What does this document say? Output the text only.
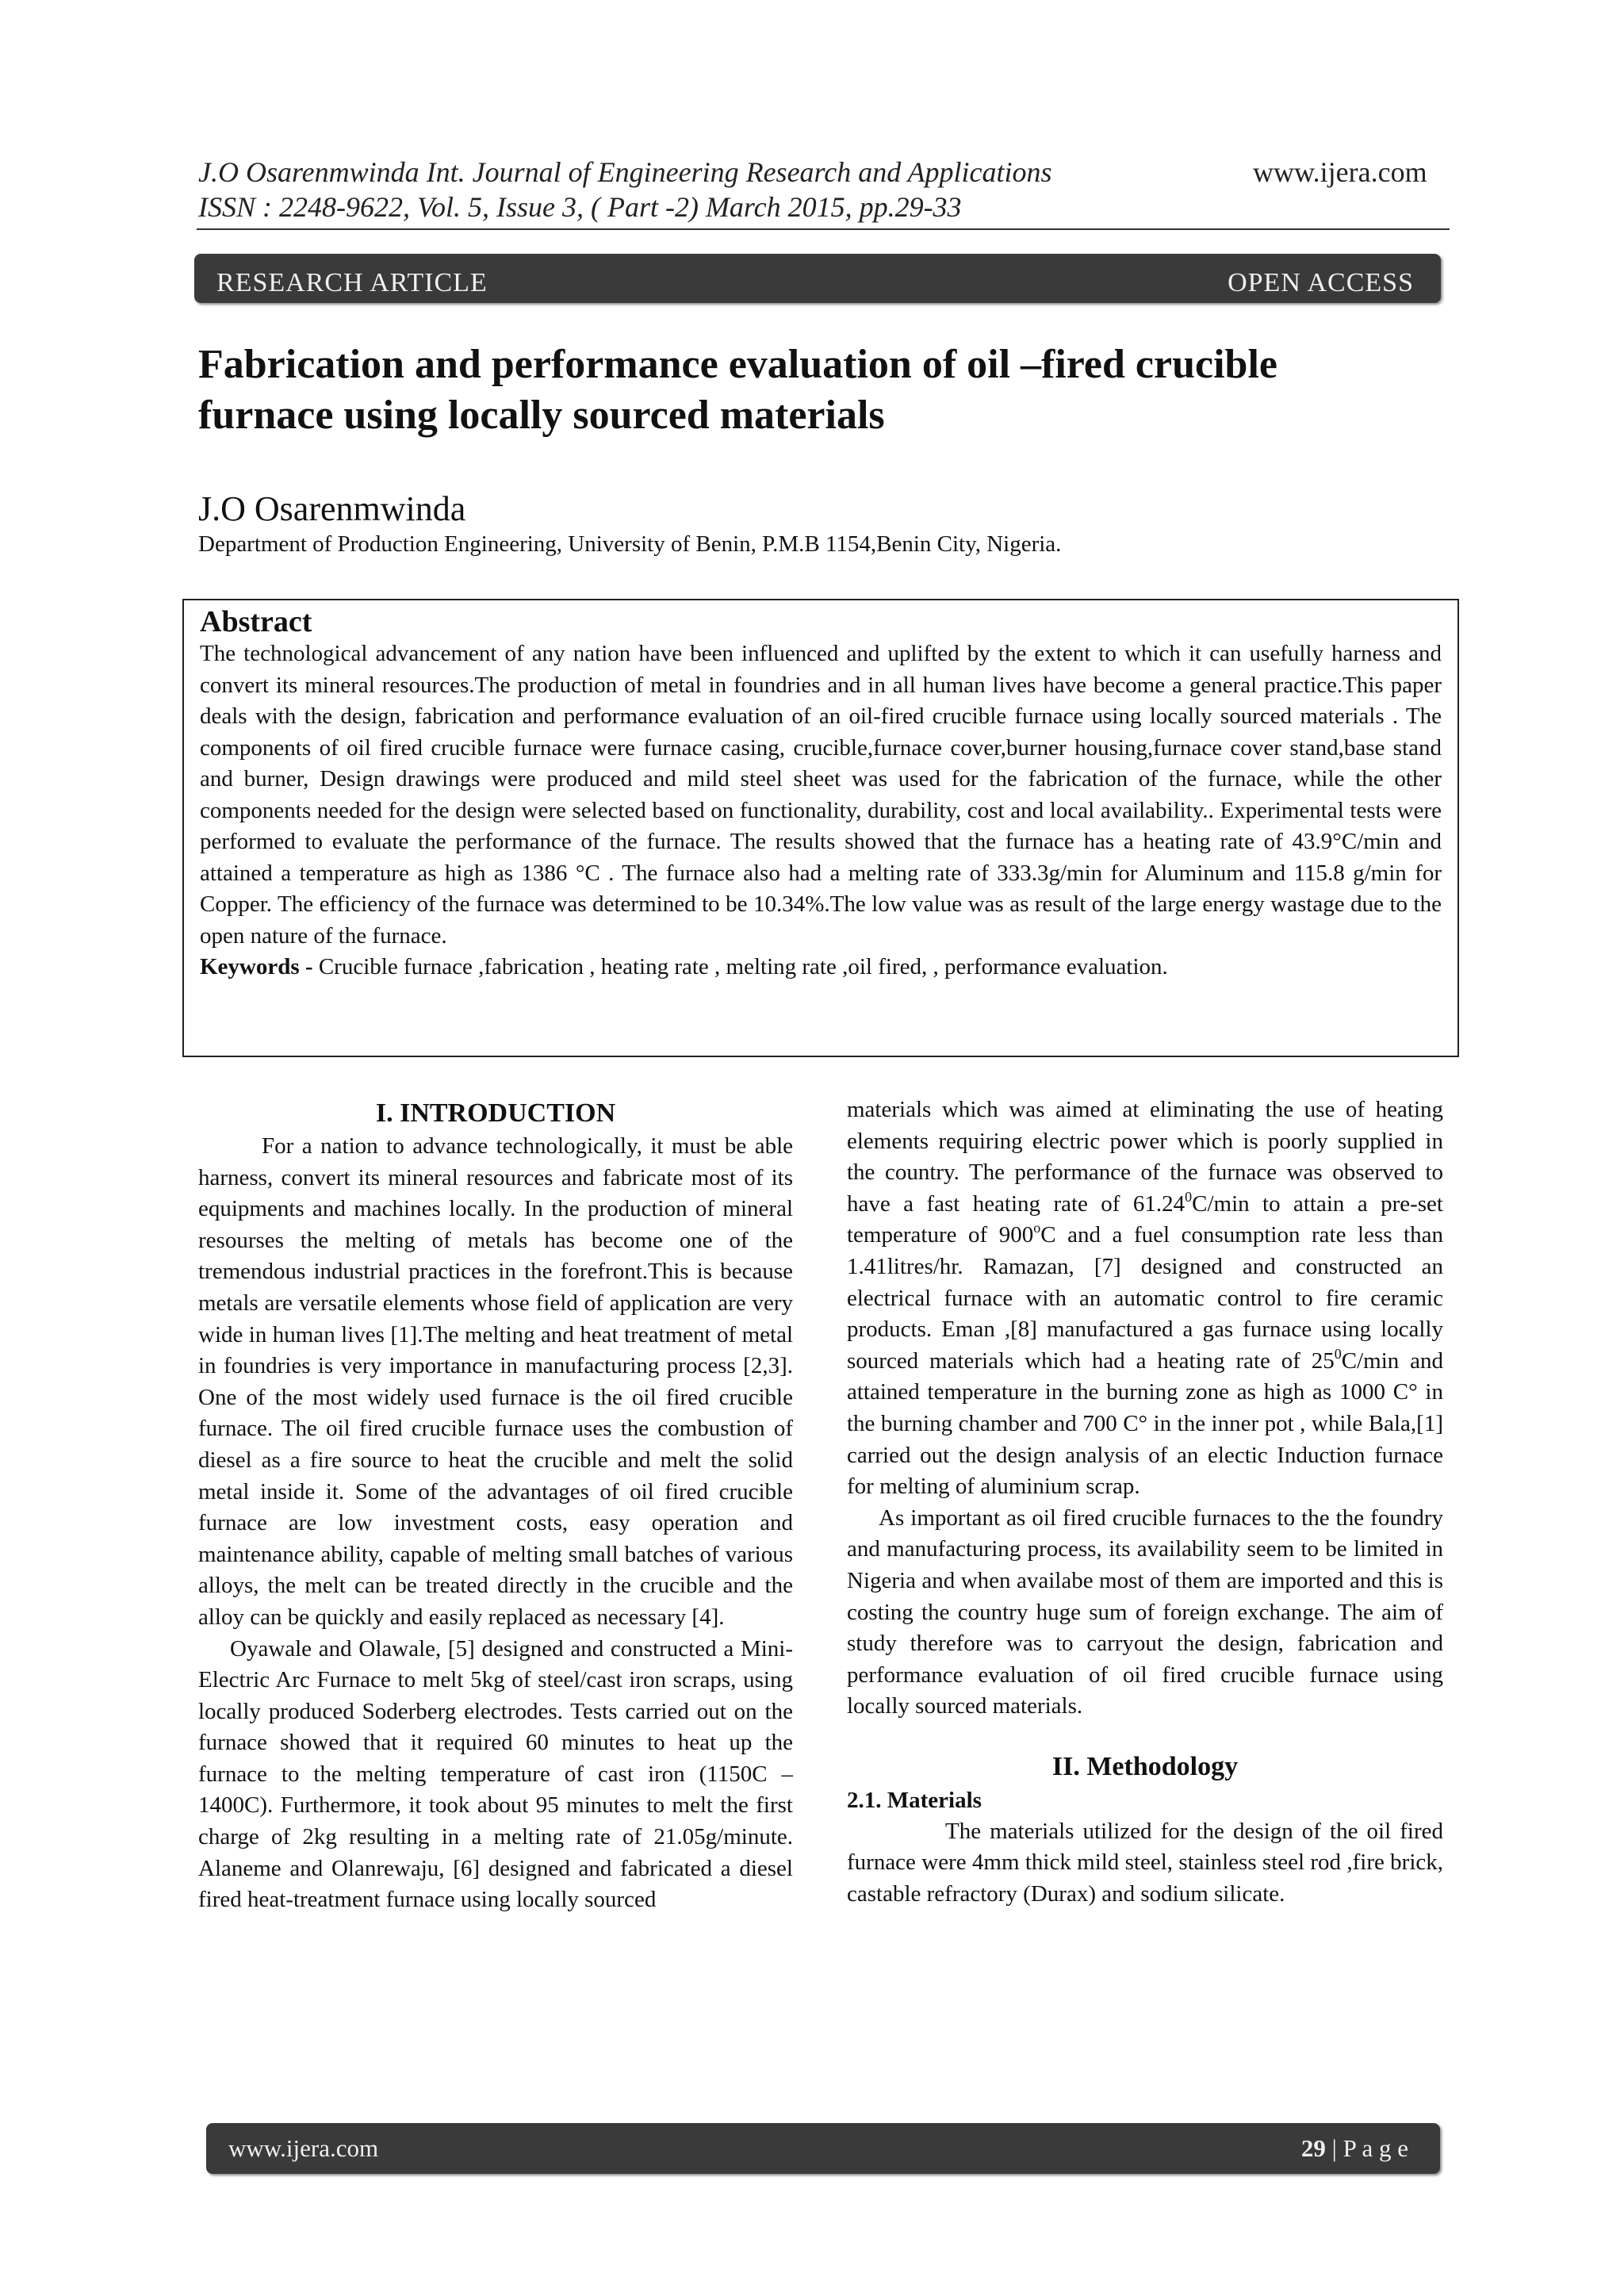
J.O Osarenmwinda Int. Journal of Engineering Research and Applications
ISSN : 2248-9622, Vol. 5, Issue 3, ( Part -2) March 2015, pp.29-33
www.ijera.com
RESEARCH ARTICLE	OPEN ACCESS
Fabrication and performance evaluation of oil –fired crucible
furnace using locally sourced materials
J.O Osarenmwinda
Department of Production Engineering, University of Benin, P.M.B 1154,Benin City, Nigeria.
Abstract

The technological advancement of any nation have been influenced and uplifted by the extent to which it can usefully harness and convert its mineral resources.The production of metal in foundries and in all human lives have become a general practice.This paper deals with the design, fabrication and performance evaluation of an oil-fired crucible furnace using locally sourced materials . The components of oil fired crucible furnace were furnace casing, crucible,furnace cover,burner housing,furnace cover stand,base stand and burner, Design drawings were produced and mild steel sheet was used for the fabrication of the furnace, while the other components needed for the design were selected based on functionality, durability, cost and local availability.. Experimental tests were performed to evaluate the performance of the furnace. The results showed that the furnace has a heating rate of 43.9°C/min and attained a temperature as high as 1386 °C . The furnace also had a melting rate of 333.3g/min for Aluminum and 115.8 g/min for Copper. The efficiency of the furnace was determined to be 10.34%.The low value was as result of the large energy wastage due to the open nature of the furnace.

Keywords - Crucible furnace ,fabrication , heating rate , melting rate ,oil fired, , performance evaluation.
I. INTRODUCTION

For a nation to advance technologically, it must be able harness, convert its mineral resources and fabricate most of its equipments and machines locally. In the production of mineral resourses the melting of metals has become one of the tremendous industrial practices in the forefront.This is because metals are versatile elements whose field of application are very wide in human lives [1].The melting and heat treatment of metal in foundries is very importance in manufacturing process [2,3]. One of the most widely used furnace is the oil fired crucible furnace. The oil fired crucible furnace uses the combustion of diesel as a fire source to heat the crucible and melt the solid metal inside it. Some of the advantages of oil fired crucible furnace are low investment costs, easy operation and maintenance ability, capable of melting small batches of various alloys, the melt can be treated directly in the crucible and the alloy can be quickly and easily replaced as necessary [4].

Oyawale and Olawale, [5] designed and constructed a Mini-Electric Arc Furnace to melt 5kg of steel/cast iron scraps, using locally produced Soderberg electrodes. Tests carried out on the furnace showed that it required 60 minutes to heat up the furnace to the melting temperature of cast iron (1150C – 1400C). Furthermore, it took about 95 minutes to melt the first charge of 2kg resulting in a melting rate of 21.05g/minute. Alaneme and Olanrewaju, [6] designed and fabricated a diesel fired heat-treatment furnace using locally sourced

materials which was aimed at eliminating the use of heating elements requiring electric power which is poorly supplied in the country. The performance of the furnace was observed to have a fast heating rate of 61.24$^0$C/min to attain a pre-set temperature of 900$^o$C and a fuel consumption rate less than 1.41litres/hr. Ramazan, [7] designed and constructed an electrical furnace with an automatic control to fire ceramic products. Eman ,[8] manufactured a gas furnace using locally sourced materials which had a heating rate of $25^0C/\min$ and attained temperature in the burning zone as high as 1000 C° in the burning chamber and 700 C° in the inner pot , while Bala,[1] carried out the design analysis of an electic Induction furnace for melting of aluminium scrap.

As important as oil fired crucible furnaces to the the foundry and manufacturing process, its availability seem to be limited in Nigeria and when availabe most of them are imported and this is costing the country huge sum of foreign exchange. The aim of study therefore was to carryout the design, fabrication and performance evaluation of oil fired crucible furnace using locally sourced materials.

II. Methodology
2.1. Materials

The materials utilized for the design of the oil fired furnace were 4mm thick mild steel, stainless steel rod ,fire brick, castable refractory (Durax) and sodium silicate.

www.ijera.com	29 | P a g e
